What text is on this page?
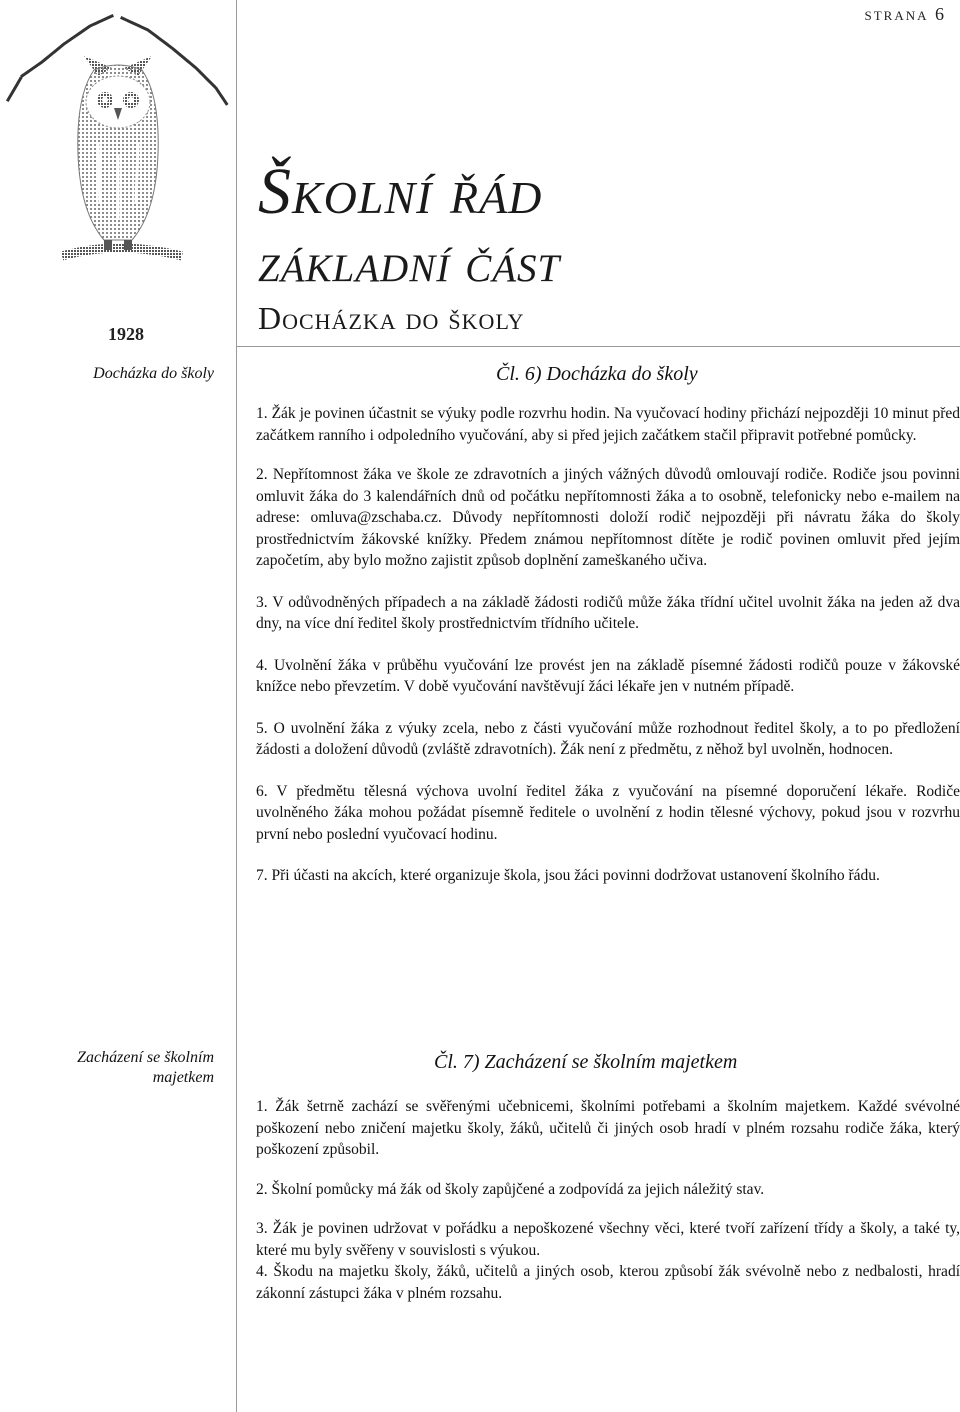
strana 6
1928
Školní řád
základní část
Docházka do školy
Docházka do školy	Čl. 6) Docházka do školy

1. Žák je povinen účastnit se výuky podle rozvrhu hodin. Na vyučovací hodiny přichází nejpozději 10 minut před začátkem ranního i odpoledního vyučování, aby si před jejich začátkem stačil připravit potřebné pomůcky.

2. Nepřítomnost žáka ve škole ze zdravotních a jiných vážných důvodů omlouvají rodiče. Rodiče jsou povinni omluvit žáka do 3 kalendářních dnů od počátku nepřítomnosti žáka a to osobně, telefonicky nebo e-mailem na adrese: omluva@zschaba.cz. Důvody nepřítomnosti doloží rodič nejpozději při návratu žáka do školy prostřednictvím žákovské knížky. Předem známou nepřítomnost dítěte je rodič povinen omluvit před jejím započetím, aby bylo možno zajistit způsob doplnění zameškaného učiva.

3. V odůvodněných případech a na základě žádosti rodičů může žáka třídní učitel uvolnit žáka na jeden až dva dny, na více dní ředitel školy prostřednictvím třídního učitele.

4. Uvolnění žáka v průběhu vyučování lze provést jen na základě písemné žádosti rodičů pouze v žákovské knížce nebo převzetím. V době vyučování navštěvují žáci lékaře jen v nutném případě.

5. O uvolnění žáka z výuky zcela, nebo z části vyučování může rozhodnout ředitel školy, a to po předložení žádosti a doložení důvodů (zvláště zdravotních). Žák není z předmětu, z něhož byl uvolněn, hodnocen.

6. V předmětu tělesná výchova uvolní ředitel žáka z vyučování na písemné doporučení lékaře. Rodiče uvolněného žáka mohou požádat písemně ředitele o uvolnění z hodin tělesné výchovy, pokud jsou v rozvrhu první nebo poslední vyučovací hodinu.

7. Při účasti na akcích, které organizuje škola, jsou žáci povinni dodržovat ustanovení školního řádu.

Zacházení se školním majetkem
Čl. 7) Zacházení se školním majetkem

1. Žák šetrně zachází se svěřenými učebnicemi, školními potřebami a školním majetkem. Každé svévolné poškození nebo zničení majetku školy, žáků, učitelů či jiných osob hradí v plném rozsahu rodiče žáka, který poškození způsobil.

2. Školní pomůcky má žák od školy zapůjčené a zodpovídá za jejich náležitý stav.

3. Žák je povinen udržovat v pořádku a nepoškozené všechny věci, které tvoří zařízení třídy a školy, a také ty, které mu byly svěřeny v souvislosti s výukou.

4. Škodu na majetku školy, žáků, učitelů a jiných osob, kterou způsobí žák svévolně nebo z nedbalosti, hradí zákonní zástupci žáka v plném rozsahu.
